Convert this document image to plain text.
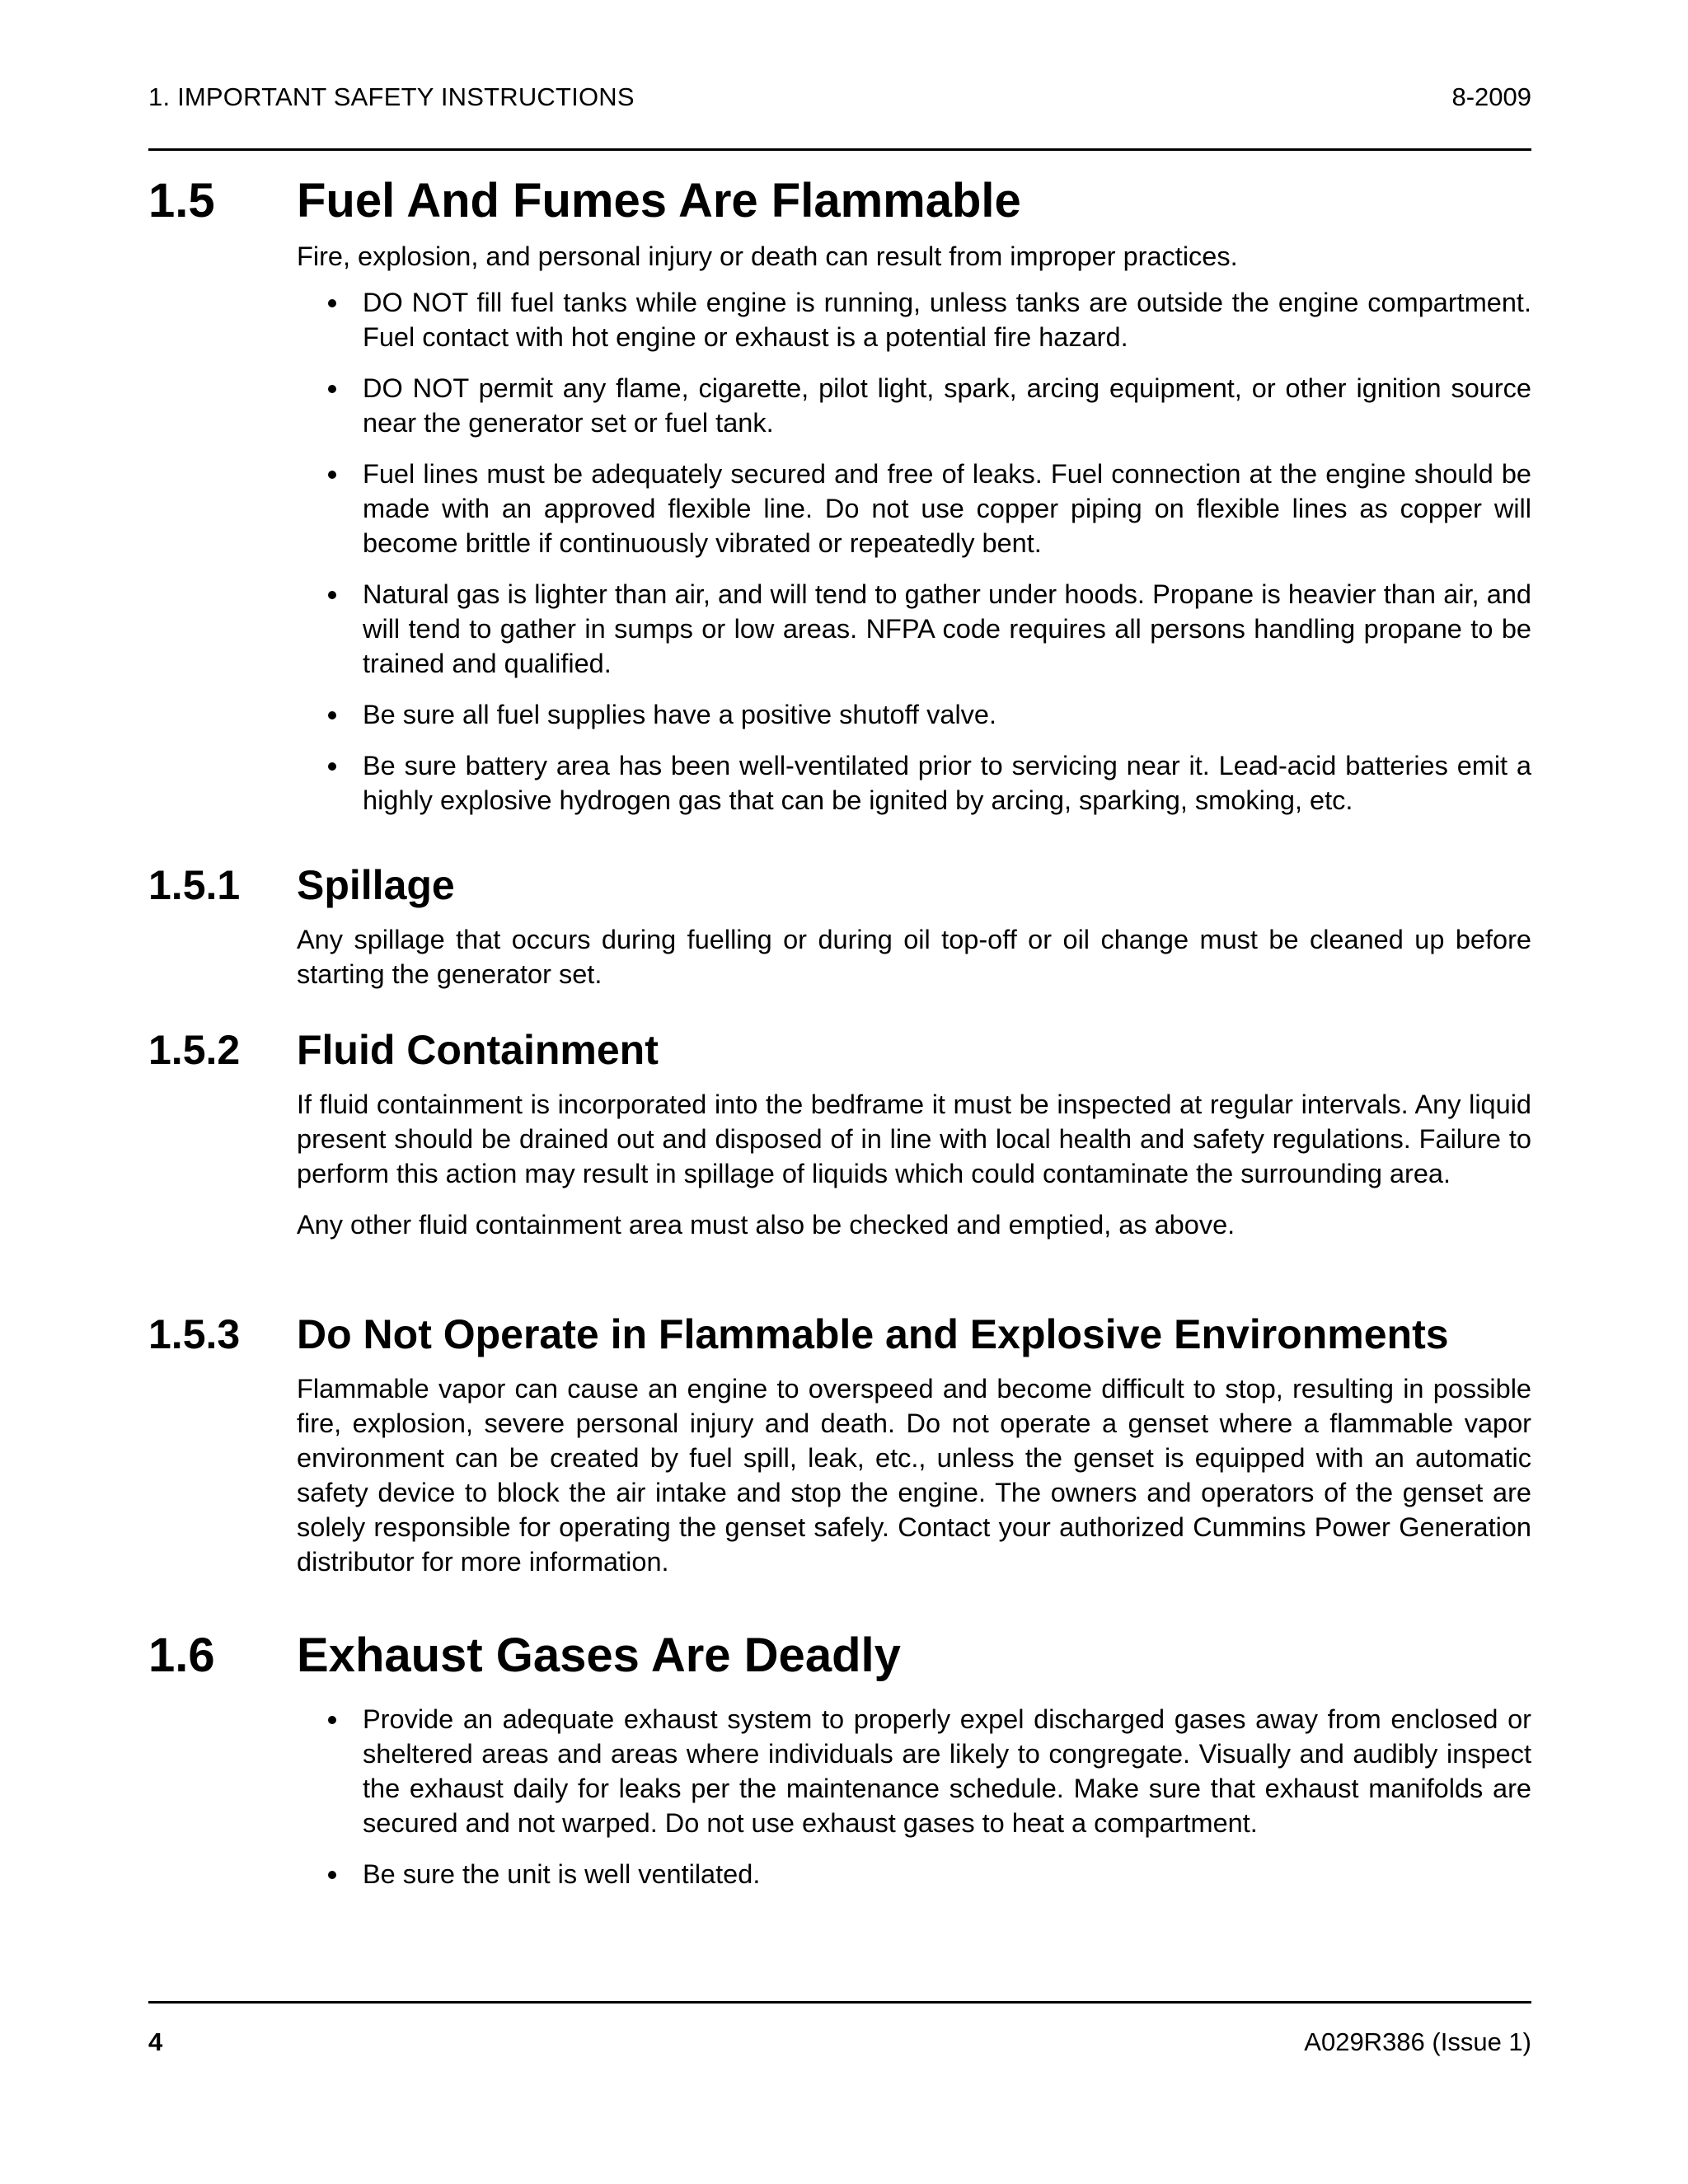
1. IMPORTANT SAFETY INSTRUCTIONS	8-2009
1.5 Fuel And Fumes Are Flammable

Fire, explosion, and personal injury or death can result from improper practices.

DO NOT fill fuel tanks while engine is running, unless tanks are outside the engine compartment. Fuel contact with hot engine or exhaust is a potential fire hazard.
DO NOT permit any flame, cigarette, pilot light, spark, arcing equipment, or other ignition source near the generator set or fuel tank.
Fuel lines must be adequately secured and free of leaks. Fuel connection at the engine should be made with an approved flexible line. Do not use copper piping on flexible lines as copper will become brittle if continuously vibrated or repeatedly bent.
Natural gas is lighter than air, and will tend to gather under hoods. Propane is heavier than air, and will tend to gather in sumps or low areas. NFPA code requires all persons handling propane to be trained and qualified.
Be sure all fuel supplies have a positive shutoff valve.
Be sure battery area has been well-ventilated prior to servicing near it. Lead-acid batteries emit a highly explosive hydrogen gas that can be ignited by arcing, sparking, smoking, etc.
1.5.1 Spillage

Any spillage that occurs during fuelling or during oil top-off or oil change must be cleaned up before starting the generator set.

1.5.2 Fluid Containment

If fluid containment is incorporated into the bedframe it must be inspected at regular intervals. Any liquid present should be drained out and disposed of in line with local health and safety regulations. Failure to perform this action may result in spillage of liquids which could contaminate the surrounding area.

Any other fluid containment area must also be checked and emptied, as above.

1.5.3 Do Not Operate in Flammable and Explosive Environments

Flammable vapor can cause an engine to overspeed and become difficult to stop, resulting in possible fire, explosion, severe personal injury and death. Do not operate a genset where a flammable vapor environment can be created by fuel spill, leak, etc., unless the genset is equipped with an automatic safety device to block the air intake and stop the engine. The owners and operators of the genset are solely responsible for operating the genset safely. Contact your authorized Cummins Power Generation distributor for more information.

1.6 Exhaust Gases Are Deadly
Provide an adequate exhaust system to properly expel discharged gases away from enclosed or sheltered areas and areas where individuals are likely to congregate. Visually and audibly inspect the exhaust daily for leaks per the maintenance schedule. Make sure that exhaust manifolds are secured and not warped. Do not use exhaust gases to heat a compartment.
Be sure the unit is well ventilated.
4	A029R386 (Issue 1)
